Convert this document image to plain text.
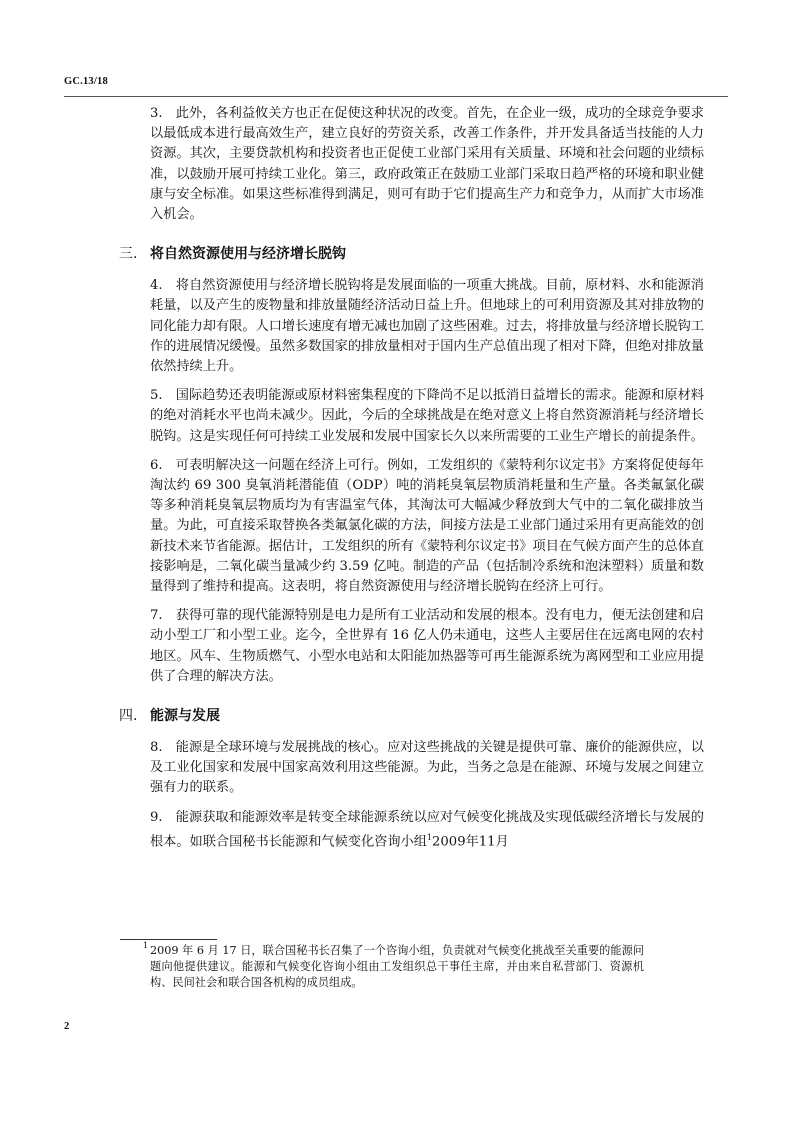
GC.13/18

3.　此外，各利益攸关方也正在促使这种状况的改变。首先，在企业一级，成功的全球竞争要求以最低成本进行最高效生产，建立良好的劳资关系，改善工作条件，并开发具备适当技能的人力资源。其次，主要贷款机构和投资者也正促使工业部门采用有关质量、环境和社会问题的业绩标准，以鼓励开展可持续工业化。第三，政府政策正在鼓励工业部门采取日趋严格的环境和职业健康与安全标准。如果这些标准得到满足，则可有助于它们提高生产力和竞争力，从而扩大市场准入机会。

三. 将自然资源使用与经济增长脱钩

4.　将自然资源使用与经济增长脱钩将是发展面临的一项重大挑战。目前，原材料、水和能源消耗量，以及产生的废物量和排放量随经济活动日益上升。但地球上的可利用资源及其对排放物的同化能力却有限。人口增长速度有增无减也加剧了这些困难。过去，将排放量与经济增长脱钩工作的进展情况缓慢。虽然多数国家的排放量相对于国内生产总值出现了相对下降，但绝对排放量依然持续上升。

5.　国际趋势还表明能源或原材料密集程度的下降尚不足以抵消日益增长的需求。能源和原材料的绝对消耗水平也尚未减少。因此，今后的全球挑战是在绝对意义上将自然资源消耗与经济增长脱钩。这是实现任何可持续工业发展和发展中国家长久以来所需要的工业生产增长的前提条件。

6.　可表明解决这一问题在经济上可行。例如，工发组织的《蒙特利尔议定书》方案将促使每年淘汰约 69 300 臭氧消耗潜能值（ODP）吨的消耗臭氧层物质消耗量和生产量。各类氟氯化碳等多种消耗臭氧层物质均为有害温室气体，其淘汰可大幅减少释放到大气中的二氧化碳排放当量。为此，可直接采取替换各类氟氯化碳的方法，间接方法是工业部门通过采用有更高能效的创新技术来节省能源。据估计，工发组织的所有《蒙特利尔议定书》项目在气候方面产生的总体直接影响是，二氧化碳当量减少约 3.59 亿吨。制造的产品（包括制冷系统和泡沫塑料）质量和数量得到了维持和提高。这表明，将自然资源使用与经济增长脱钩在经济上可行。

7.　获得可靠的现代能源特别是电力是所有工业活动和发展的根本。没有电力，便无法创建和启动小型工厂和小型工业。迄今，全世界有 16 亿人仍未通电，这些人主要居住在远离电网的农村地区。风车、生物质燃气、小型水电站和太阳能加热器等可再生能源系统为离网型和工业应用提供了合理的解决方法。

四. 能源与发展

8.　能源是全球环境与发展挑战的核心。应对这些挑战的关键是提供可靠、廉价的能源供应，以及工业化国家和发展中国家高效利用这些能源。为此，当务之急是在能源、环境与发展之间建立强有力的联系。

9.　能源获取和能源效率是转变全球能源系统以应对气候变化挑战及实现低碳经济增长与发展的根本。如联合国秘书长能源和气候变化咨询小组$^1$2009年11月

1 2009 年 6 月 17 日，联合国秘书长召集了一个咨询小组，负责就对气候变化挑战至关重要的能源问题向他提供建议。能源和气候变化咨询小组由工发组织总干事任主席，并由来自私营部门、资源机构、民间社会和联合国各机构的成员组成。
2
